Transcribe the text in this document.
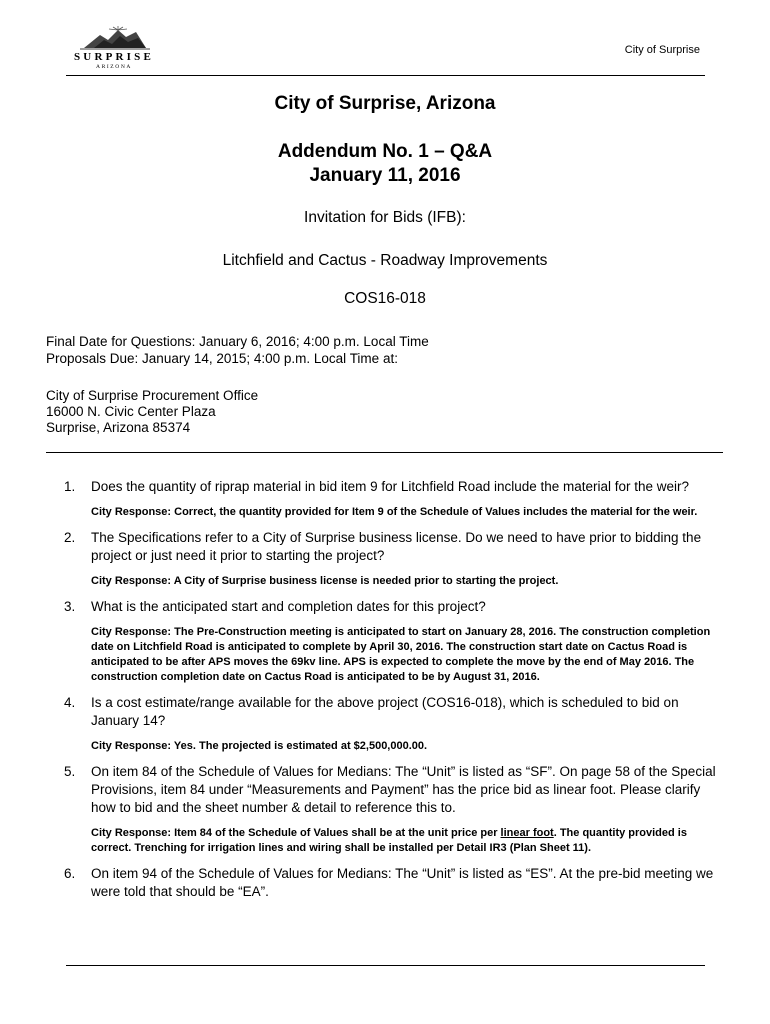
SURPRISE
ARIZONA
City of Surprise
City of Surprise, Arizona
Addendum No. 1 – Q&A
January 11, 2016
Invitation for Bids (IFB):
Litchfield and Cactus - Roadway Improvements
COS16-018
Final Date for Questions: January 6, 2016; 4:00 p.m. Local Time
Proposals Due: January 14, 2015; 4:00 p.m. Local Time at:
City of Surprise Procurement Office
16000 N. Civic Center Plaza
Surprise, Arizona 85374
1. Does the quantity of riprap material in bid item 9 for Litchfield Road include the material for the weir?
City Response: Correct, the quantity provided for Item 9 of the Schedule of Values includes the material for the weir.
2. The Specifications refer to a City of Surprise business license. Do we need to have prior to bidding the project or just need it prior to starting the project?
City Response: A City of Surprise business license is needed prior to starting the project.
3. What is the anticipated start and completion dates for this project?
City Response: The Pre-Construction meeting is anticipated to start on January 28, 2016. The construction completion date on Litchfield Road is anticipated to complete by April 30, 2016. The construction start date on Cactus Road is anticipated to be after APS moves the 69kv line. APS is expected to complete the move by the end of May 2016. The construction completion date on Cactus Road is anticipated to be by August 31, 2016.
4. Is a cost estimate/range available for the above project (COS16-018), which is scheduled to bid on January 14?
City Response: Yes. The projected is estimated at $2,500,000.00.
5. On item 84 of the Schedule of Values for Medians: The “Unit” is listed as “SF”. On page 58 of the Special Provisions, item 84 under “Measurements and Payment” has the price bid as linear foot. Please clarify how to bid and the sheet number & detail to reference this to.
City Response: Item 84 of the Schedule of Values shall be at the unit price per linear foot. The quantity provided is correct. Trenching for irrigation lines and wiring shall be installed per Detail IR3 (Plan Sheet 11).
6. On item 94 of the Schedule of Values for Medians: The “Unit” is listed as “ES”. At the pre-bid meeting we were told that should be “EA”.
